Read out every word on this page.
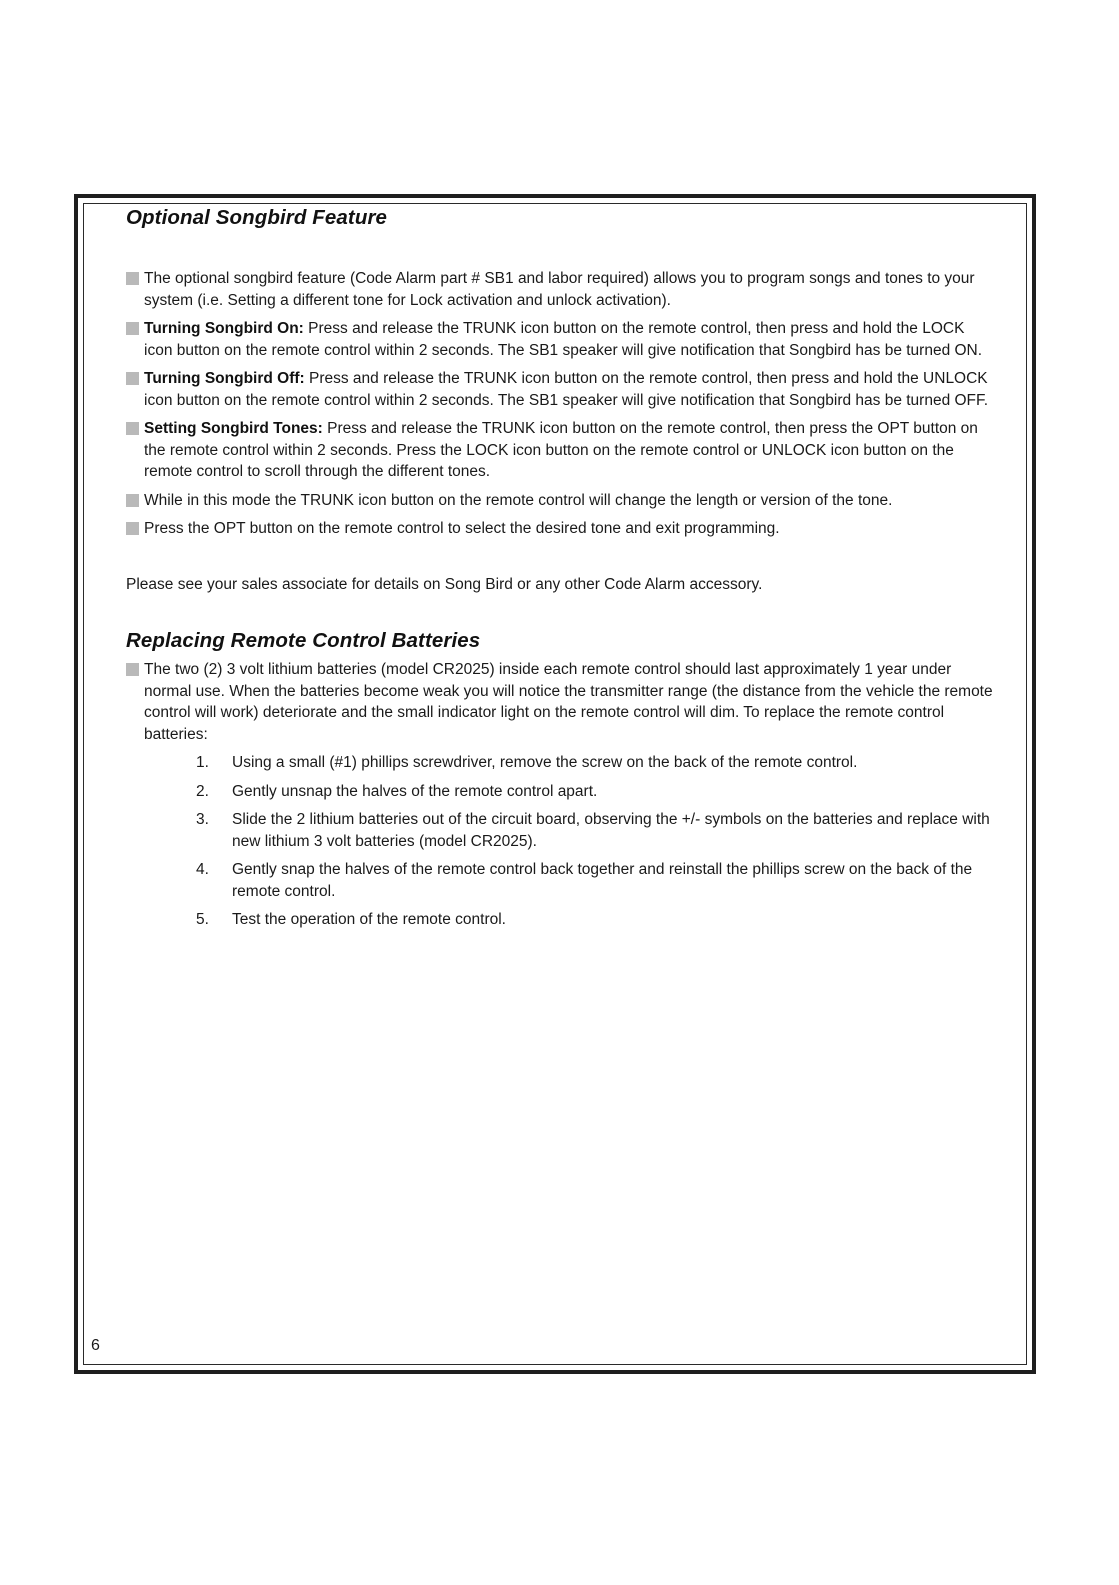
Optional Songbird Feature
The optional songbird feature (Code Alarm part # SB1 and labor required) allows you to program songs and tones to your system (i.e. Setting a different tone for Lock activation and unlock activation).
Turning Songbird On: Press and release the TRUNK icon button on the remote control, then press and hold the LOCK icon button on the remote control within 2 seconds. The SB1 speaker will give notification that Songbird has be turned ON.
Turning Songbird Off: Press and release the TRUNK icon button on the remote control, then press and hold the UNLOCK icon button on the remote control within 2 seconds. The SB1 speaker will give notification that Songbird has be turned OFF.
Setting Songbird Tones: Press and release the TRUNK icon button on the remote control, then press the OPT button on the remote control within 2 seconds. Press the LOCK icon button on the remote control or UNLOCK icon button on the remote control to scroll through the different tones.
While in this mode the TRUNK icon button on the remote control will change the length or version of the tone.
Press the OPT button on the remote control to select the desired tone and exit programming.

Please see your sales associate for details on Song Bird or any other Code Alarm accessory.

Replacing Remote Control Batteries
The two (2) 3 volt lithium batteries (model CR2025) inside each remote control should last approximately 1 year under normal use. When the batteries become weak you will notice the transmitter range (the distance from the vehicle the remote control will work) deteriorate and the small indicator light on the remote control will dim. To replace the remote control batteries:
1.	Using a small (#1) phillips screwdriver, remove the screw on the back of the remote control.
2.	Gently unsnap the halves of the remote control apart.
3.	Slide the 2 lithium batteries out of the circuit board, observing the +/- symbols on the batteries and replace with new lithium 3 volt batteries (model CR2025).
4.	Gently snap the halves of the remote control back together and reinstall the phillips screw on the back of the remote control.
5.	Test the operation of the remote control.
6
